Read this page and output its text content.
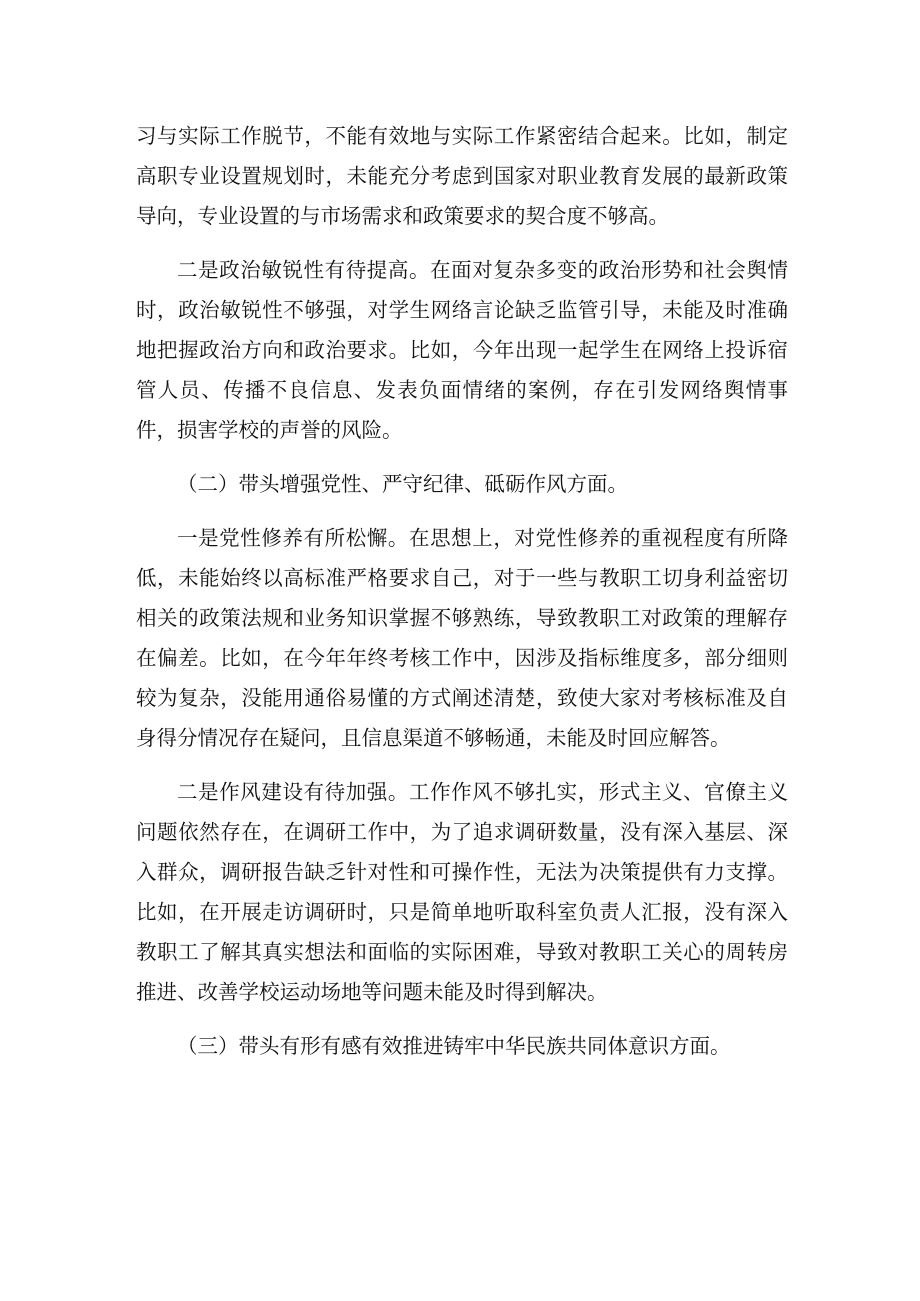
习与实际工作脱节，不能有效地与实际工作紧密结合起来。比如，制定高职专业设置规划时，未能充分考虑到国家对职业教育发展的最新政策导向，专业设置的与市场需求和政策要求的契合度不够高。

二是政治敏锐性有待提高。在面对复杂多变的政治形势和社会舆情时，政治敏锐性不够强，对学生网络言论缺乏监管引导，未能及时准确地把握政治方向和政治要求。比如，今年出现一起学生在网络上投诉宿管人员、传播不良信息、发表负面情绪的案例，存在引发网络舆情事件，损害学校的声誉的风险。

（二）带头增强党性、严守纪律、砥砺作风方面。

一是党性修养有所松懈。在思想上，对党性修养的重视程度有所降低，未能始终以高标准严格要求自己，对于一些与教职工切身利益密切相关的政策法规和业务知识掌握不够熟练，导致教职工对政策的理解存在偏差。比如，在今年年终考核工作中，因涉及指标维度多，部分细则较为复杂，没能用通俗易懂的方式阐述清楚，致使大家对考核标准及自身得分情况存在疑问，且信息渠道不够畅通，未能及时回应解答。

二是作风建设有待加强。工作作风不够扎实，形式主义、官僚主义问题依然存在，在调研工作中，为了追求调研数量，没有深入基层、深入群众，调研报告缺乏针对性和可操作性，无法为决策提供有力支撑。比如，在开展走访调研时，只是简单地听取科室负责人汇报，没有深入教职工了解其真实想法和面临的实际困难，导致对教职工关心的周转房推进、改善学校运动场地等问题未能及时得到解决。

（三）带头有形有感有效推进铸牢中华民族共同体意识方面。
